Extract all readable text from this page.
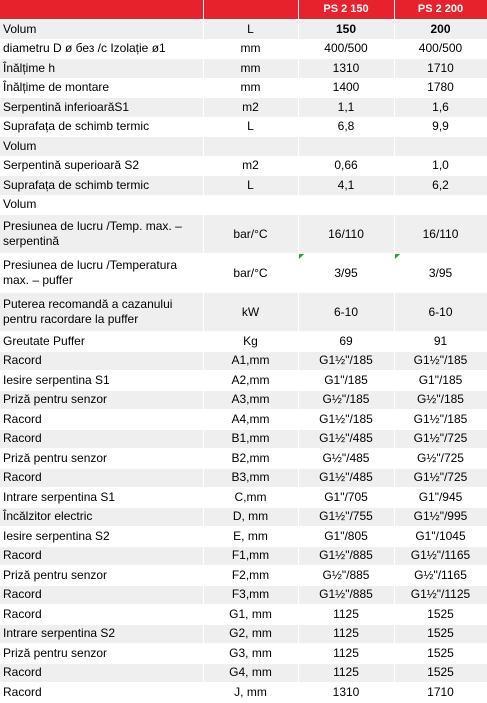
		PS 2 150	PS 2 200
Volum	L	150	200
diametru D ø без /c Izolație ø1	mm	400/500	400/500
Înălțime h	mm	1310	1710
Înălțime de montare	mm	1400	1780
Serpentină inferioarăS1	m2	1,1	1,6
Suprafața de schimb termic	L	6,8	9,9
Volum			
Serpentină superioară S2	m2	0,66	1,0
Suprafața de schimb termic	L	4,1	6,2
Volum			
Presiunea de lucru /Temp. max. – serpentină	bar/°C	16/110	16/110
Presiunea de lucru /Temperatura max. – puffer	bar/°C	3/95	3/95
Puterea recomandă a cazanului pentru racordare la puffer	kW	6-10	6-10
Greutate Puffer	Kg	69	91
Racord	A1,mm	G1½"/185	G1½"/185
Iesire serpentina S1	A2,mm	G1"/185	G1"/185
Priză pentru senzor	A3,mm	G½"/185	G½"/185
Racord	A4,mm	G1½"/185	G1½"/185
Racord	B1,mm	G1½"/485	G1½"/725
Priză pentru senzor	B2,mm	G½"/485	G½"/725
Racord	B3,mm	G1½"/485	G1½"/725
Intrare serpentina S1	C,mm	G1"/705	G1"/945
Încălzitor electric	D, mm	G1½"/755	G1½"/995
Iesire serpentina S2	E, mm	G1"/805	G1"/1045
Racord	F1,mm	G1½"/885	G1½"/1165
Priză pentru senzor	F2,mm	G½"/885	G½"/1165
Racord	F3,mm	G1½"/885	G1½"/1125
Racord	G1, mm	1125	1525
Intrare serpentina S2	G2, mm	1125	1525
Priză pentru senzor	G3, mm	1125	1525
Racord	G4, mm	1125	1525
Racord	J, mm	1310	1710
